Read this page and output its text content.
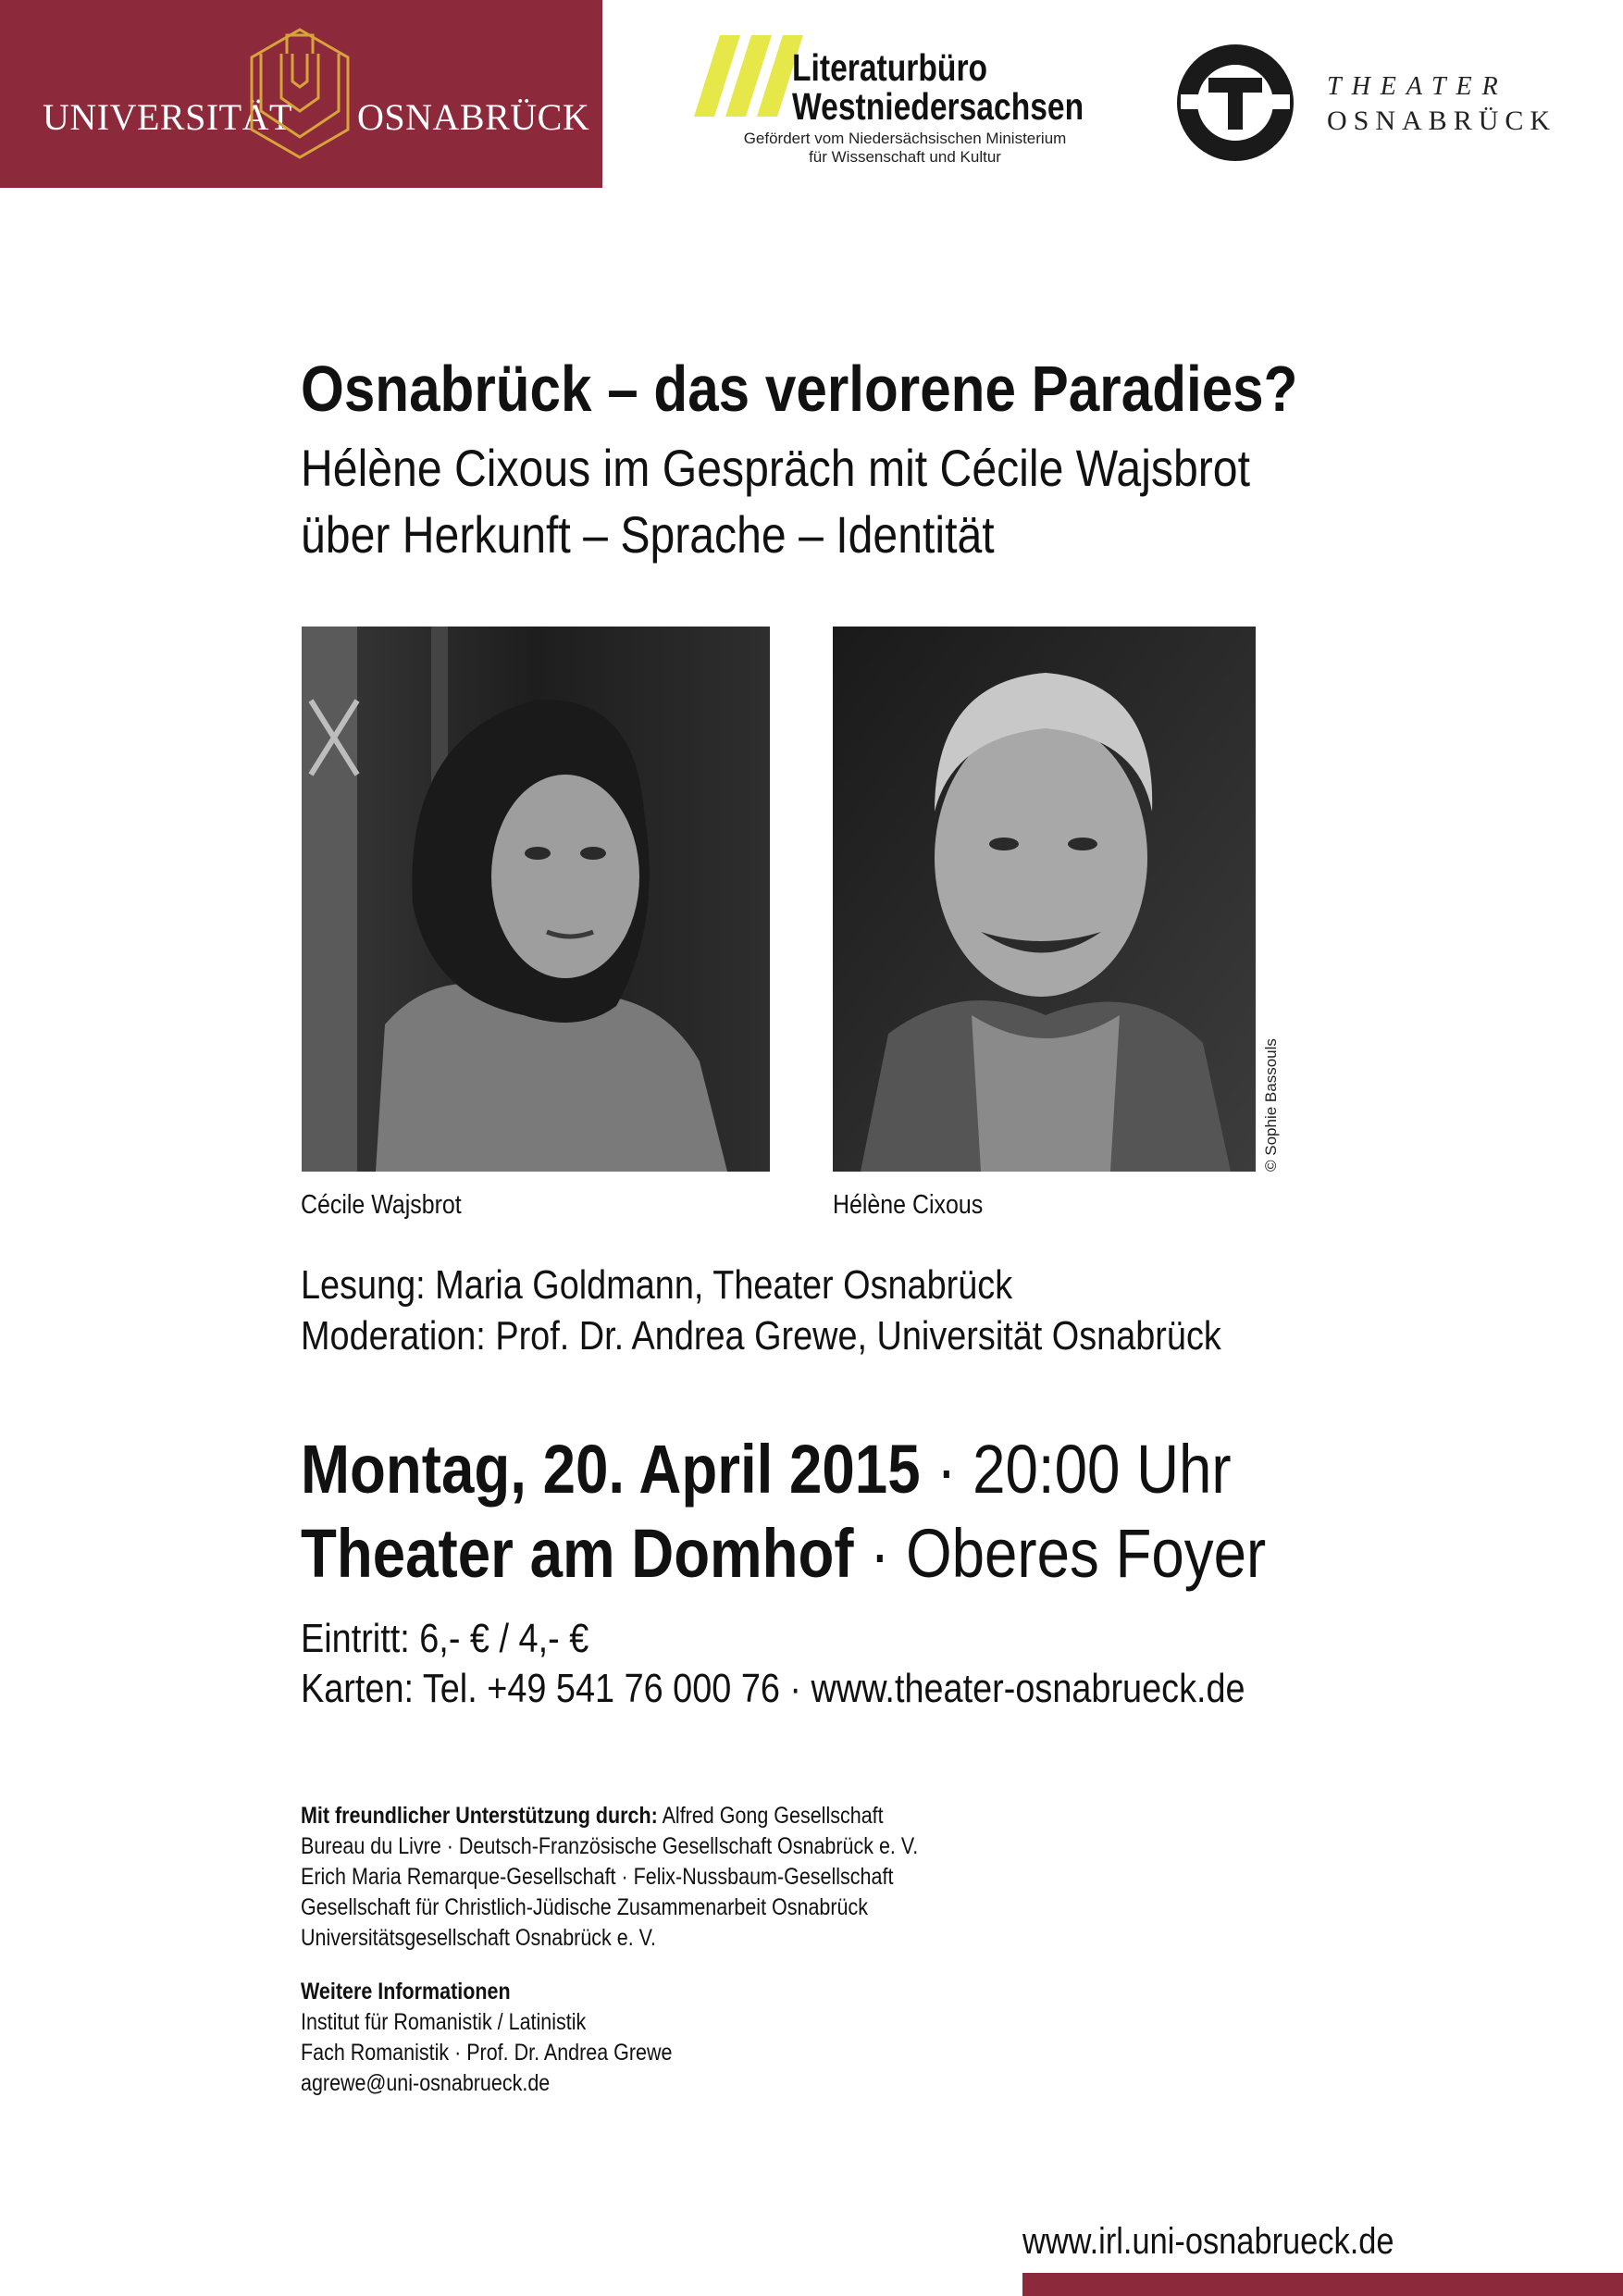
UNIVERSITÄT OSNABRÜCK
Literaturbüro
Westniedersachsen
Gefördert vom Niedersächsischen Ministerium
für Wissenschaft und Kultur
THEATER
OSNABRÜCK
Osnabrück – das verlorene Paradies?
Hélène Cixous im Gespräch mit Cécile Wajsbrot
über Herkunft – Sprache – Identität
© Sophie Bassouls
Cécile Wajsbrot	Hélène Cixous
Lesung: Maria Goldmann, Theater Osnabrück
Moderation: Prof. Dr. Andrea Grewe, Universität Osnabrück
Montag, 20. April 2015 · 20:00 Uhr
Theater am Domhof · Oberes Foyer
Eintritt: 6,- € / 4,- €
Karten: Tel. +49 541 76 000 76 · www.theater-osnabrueck.de
Mit freundlicher Unterstützung durch: Alfred Gong Gesellschaft
Bureau du Livre · Deutsch-Französische Gesellschaft Osnabrück e. V.
Erich Maria Remarque-Gesellschaft · Felix-Nussbaum-Gesellschaft
Gesellschaft für Christlich-Jüdische Zusammenarbeit Osnabrück
Universitätsgesellschaft Osnabrück e. V.
Weitere Informationen
Institut für Romanistik / Latinistik
Fach Romanistik · Prof. Dr. Andrea Grewe
agrewe@uni-osnabrueck.de
www.irl.uni-osnabrueck.de
